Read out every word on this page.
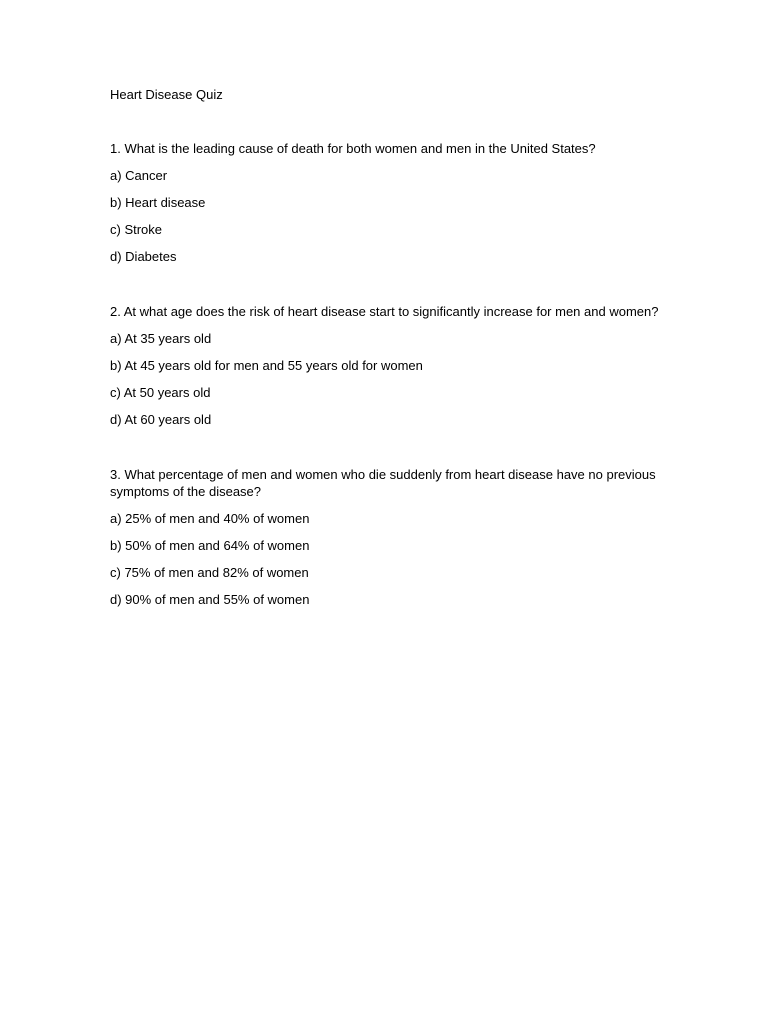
Heart Disease Quiz
1. What is the leading cause of death for both women and men in the United States?
a) Cancer
b) Heart disease
c) Stroke
d) Diabetes
2. At what age does the risk of heart disease start to significantly increase for men and women?
a) At 35 years old
b) At 45 years old for men and 55 years old for women
c) At 50 years old
d) At 60 years old
3. What percentage of men and women who die suddenly from heart disease have no previous symptoms of the disease?
a) 25% of men and 40% of women
b) 50% of men and 64% of women
c) 75% of men and 82% of women
d) 90% of men and 55% of women
